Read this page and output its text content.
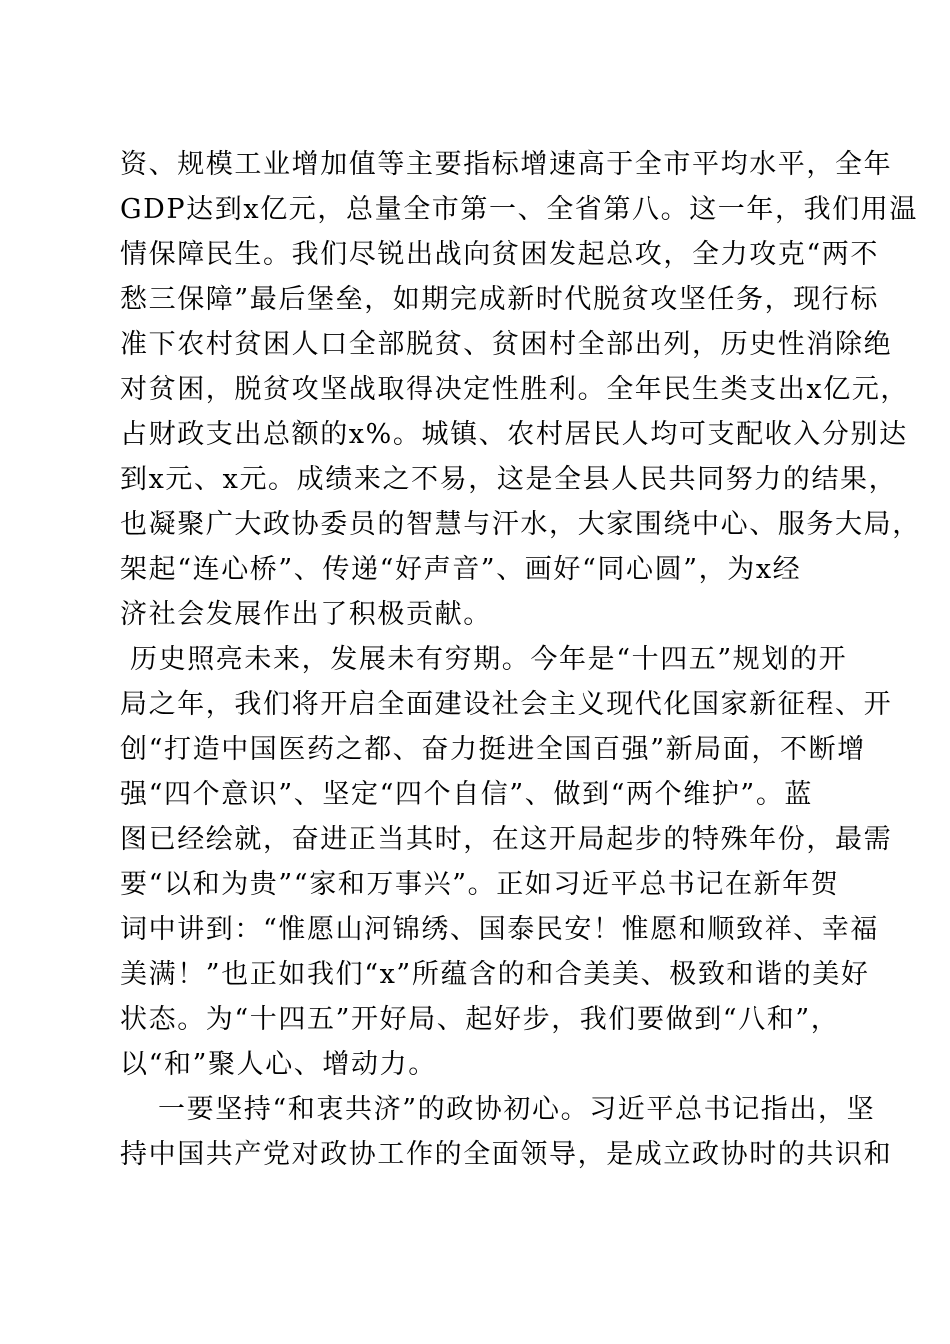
资、规模工业增加值等主要指标增速高于全市平均水平，全年
GDP达到x亿元，总量全市第一、全省第八。这一年，我们用温
情保障民生。我们尽锐出战向贫困发起总攻，全力攻克“两不
愁三保障”最后堡垒，如期完成新时代脱贫攻坚任务，现行标
准下农村贫困人口全部脱贫、贫困村全部出列，历史性消除绝
对贫困，脱贫攻坚战取得决定性胜利。全年民生类支出x亿元，
占财政支出总额的x%。城镇、农村居民人均可支配收入分别达
到x元、x元。成绩来之不易，这是全县人民共同努力的结果，
也凝聚广大政协委员的智慧与汗水，大家围绕中心、服务大局，
架起“连心桥”、传递“好声音”、画好“同心圆”，为x经
济社会发展作出了积极贡献。
历史照亮未来，发展未有穷期。今年是“十四五”规划的开
局之年，我们将开启全面建设社会主义现代化国家新征程、开
创“打造中国医药之都、奋力挺进全国百强”新局面，不断增
强“四个意识”、坚定“四个自信”、做到“两个维护”。蓝
图已经绘就，奋进正当其时，在这开局起步的特殊年份，最需
要“以和为贵”“家和万事兴”。正如习近平总书记在新年贺
词中讲到：“惟愿山河锦绣、国泰民安！惟愿和顺致祥、幸福
美满！”也正如我们“x”所蕴含的和合美美、极致和谐的美好
状态。为“十四五”开好局、起好步，我们要做到“八和”，
以“和”聚人心、增动力。
一要坚持“和衷共济”的政协初心。习近平总书记指出，坚
持中国共产党对政协工作的全面领导，是成立政协时的共识和
